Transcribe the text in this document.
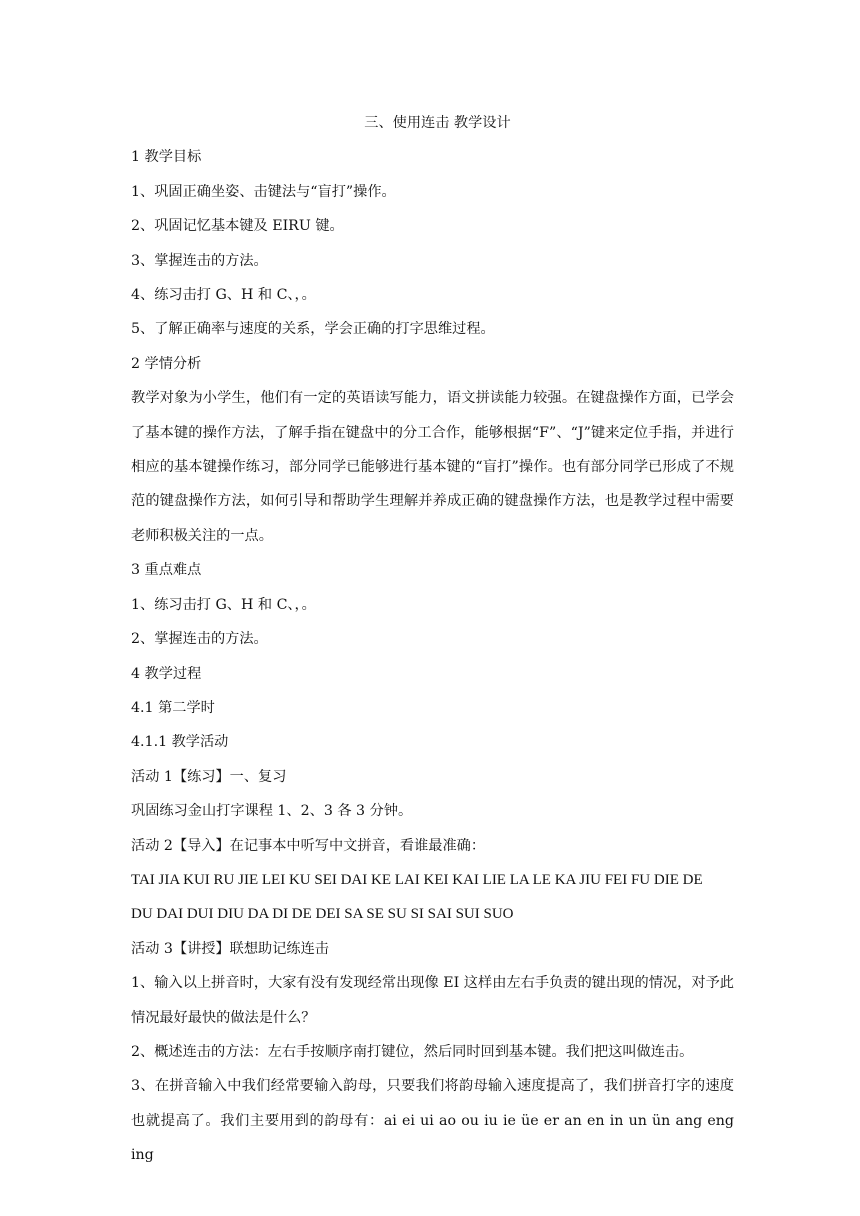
三、使用连击 教学设计

1 教学目标

1、巩固正确坐姿、击键法与“盲打”操作。

2、巩固记忆基本键及 EIRU 键。

3、掌握连击的方法。

4、练习击打 G、H 和 C、，。

5、了解正确率与速度的关系，学会正确的打字思维过程。

2 学情分析

教学对象为小学生，他们有一定的英语读写能力，语文拼读能力较强。在键盘操作方面，已学会了基本键的操作方法，了解手指在键盘中的分工合作，能够根据“F”、“J”键来定位手指，并进行相应的基本键操作练习，部分同学已能够进行基本键的“盲打”操作。也有部分同学已形成了不规范的键盘操作方法，如何引导和帮助学生理解并养成正确的键盘操作方法，也是教学过程中需要老师积极关注的一点。

3 重点难点

1、练习击打 G、H 和 C、，。

2、掌握连击的方法。

4 教学过程

4.1 第二学时

4.1.1 教学活动

活动 1【练习】一、复习

巩固练习金山打字课程 1、2、3 各 3 分钟。

活动 2【导入】在记事本中听写中文拼音，看谁最准确：

TAI JIA KUI RU JIE LEI KU SEI DAI KE LAI KEI KAI LIE LA LE KA JIU FEI FU DIE DE

DU DAI DUI DIU DA DI DE DEI SA SE SU SI SAI SUI SUO

活动 3【讲授】联想助记练连击

1、输入以上拼音时，大家有没有发现经常出现像 EI 这样由左右手负责的键出现的情况，对予此情况最好最快的做法是什么？

2、概述连击的方法：左右手按顺序南打键位，然后同时回到基本键。我们把这叫做连击。

3、在拼音输入中我们经常要输入韵母，只要我们将韵母输入速度提高了，我们拼音打字的速度也就提高了。我们主要用到的韵母有：ai ei ui ao ou iu ie üe er an en in un ün ang eng ing
